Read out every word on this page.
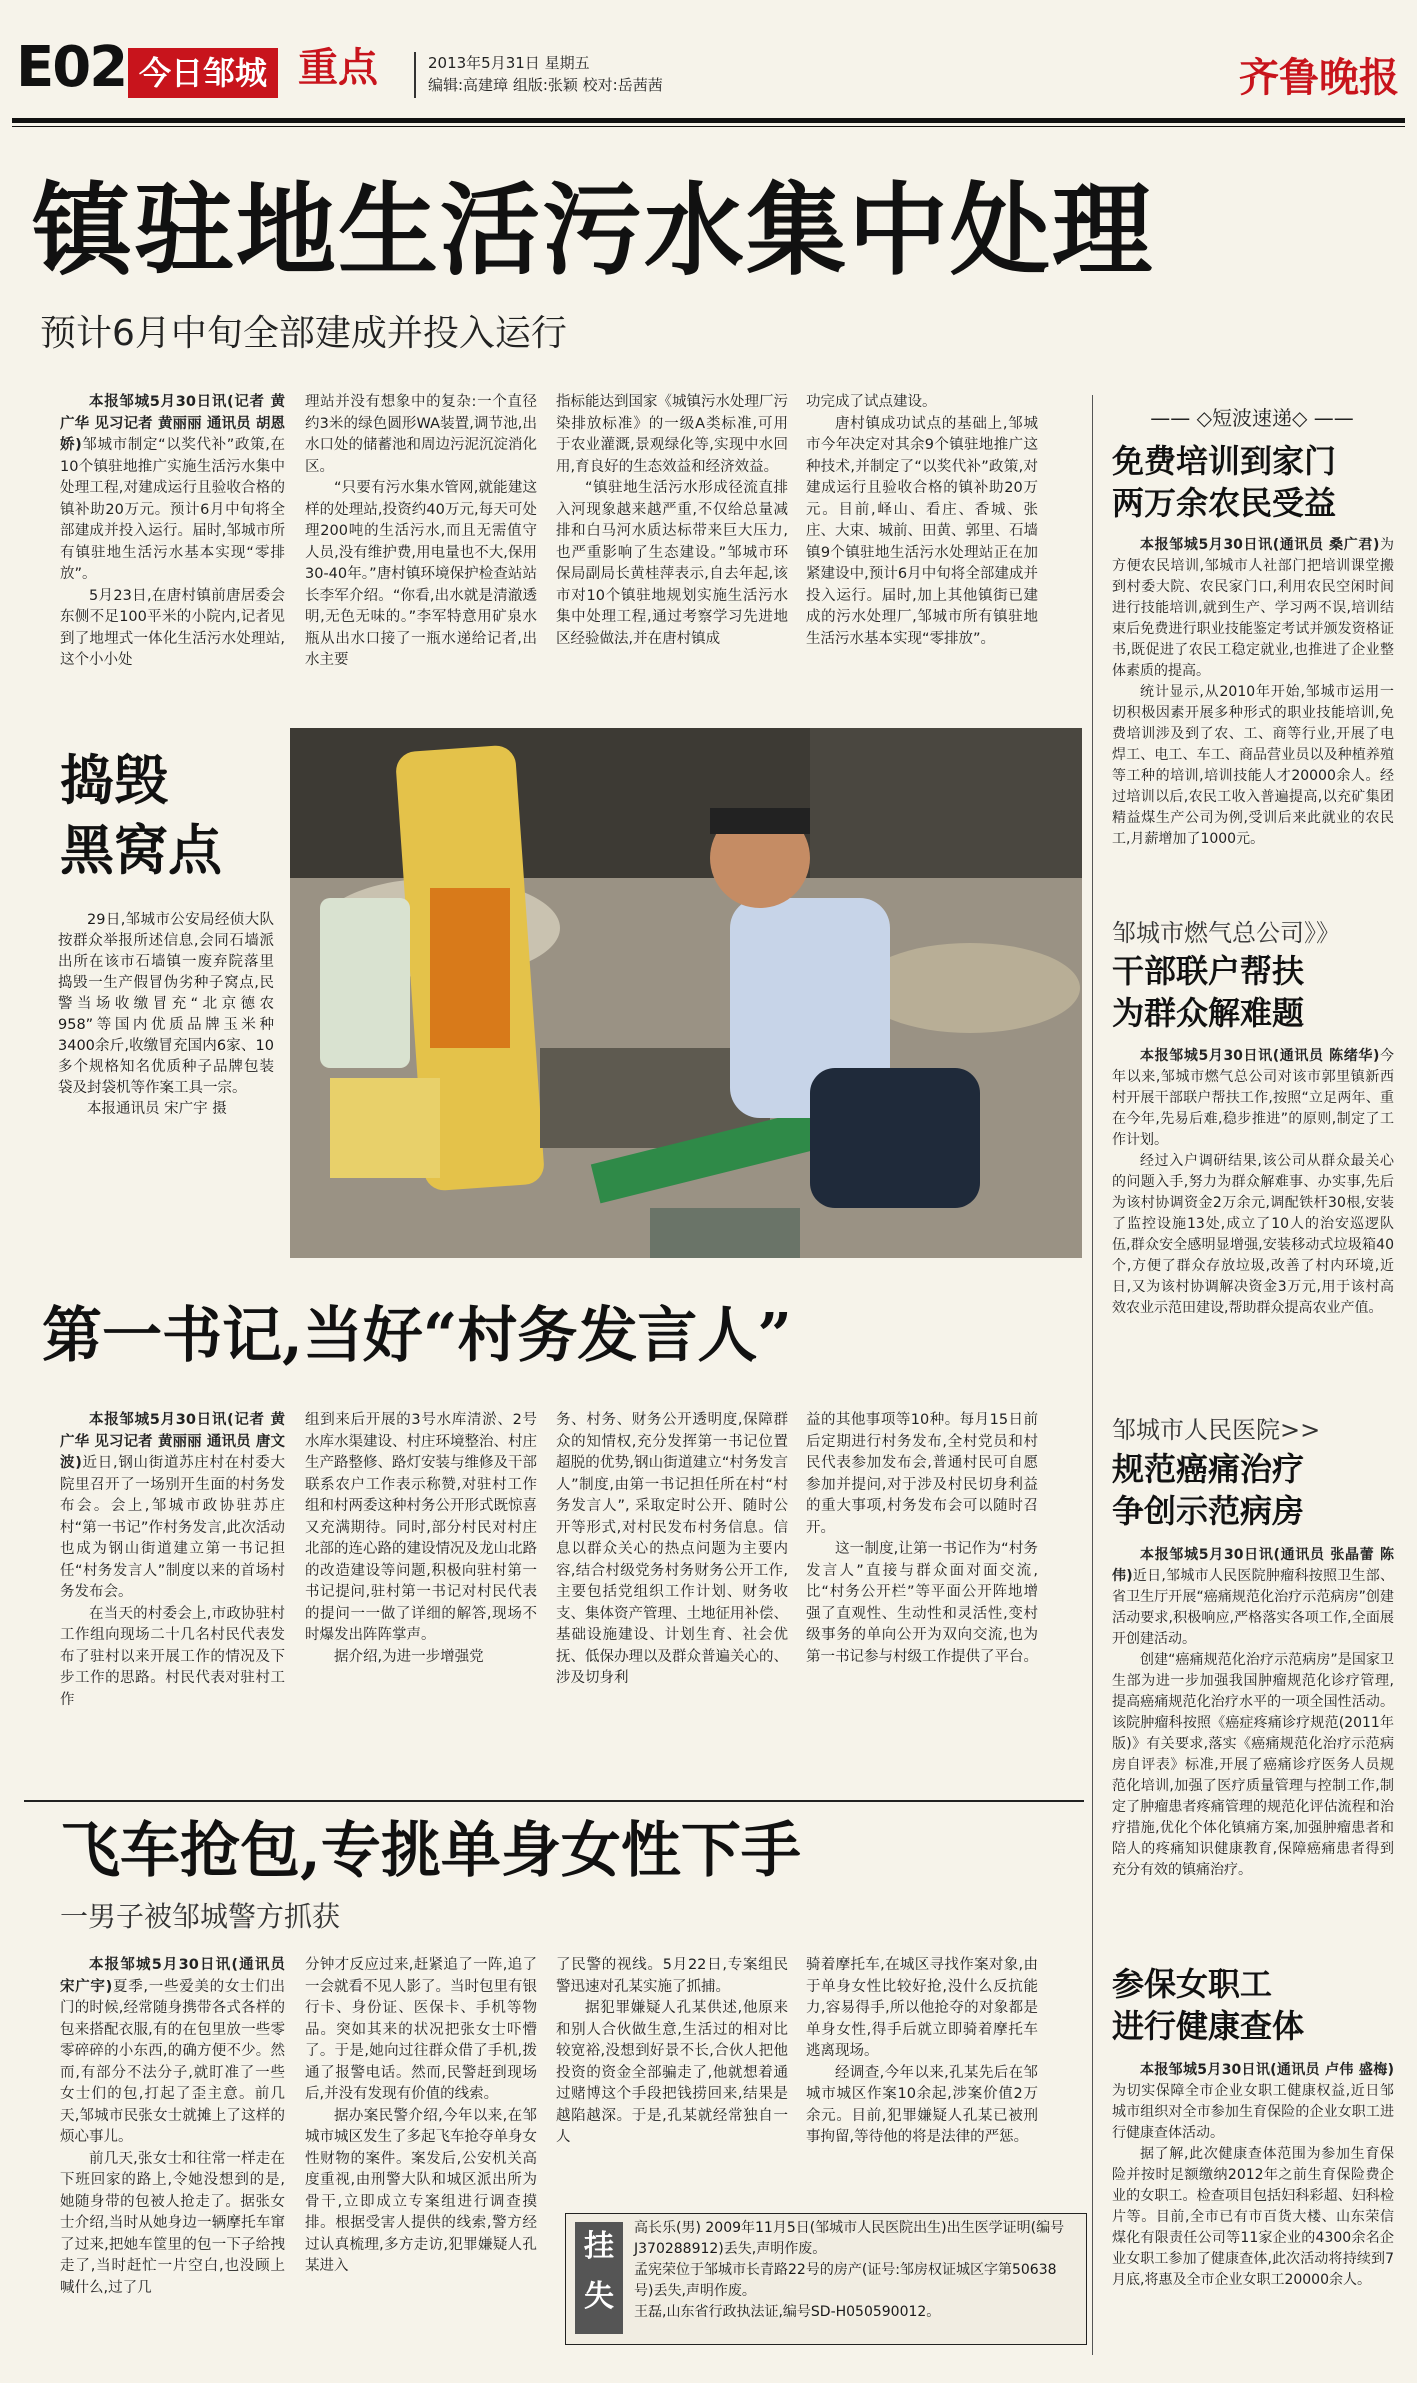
E02 今日邹城 重点	2013年5月31日 星期五
编辑:高建璋 组版:张颖 校对:岳茜茜	齐鲁晚报
镇驻地生活污水集中处理
预计6月中旬全部建成并投入运行

本报邹城5月30日讯(记者 黄广华 见习记者 黄丽丽 通讯员 胡恩娇)邹城市制定“以奖代补”政策,在10个镇驻地推广实施生活污水集中处理工程,对建成运行且验收合格的镇补助20万元。预计6月中旬将全部建成并投入运行。届时,邹城市所有镇驻地生活污水基本实现“零排放”。

5月23日,在唐村镇前唐居委会东侧不足100平米的小院内,记者见到了地埋式一体化生活污水处理站,这个小小处

理站并没有想象中的复杂:一个直径约3米的绿色圆形WA装置,调节池,出水口处的储蓄池和周边污泥沉淀消化区。

“只要有污水集水管网,就能建这样的处理站,投资约40万元,每天可处理200吨的生活污水,而且无需值守人员,没有维护费,用电量也不大,保用30-40年。”唐村镇环境保护检查站站长李军介绍。“你看,出水就是清澈透明,无色无味的。”李军特意用矿泉水瓶从出水口接了一瓶水递给记者,出水主要

指标能达到国家《城镇污水处理厂污染排放标准》的一级A类标准,可用于农业灌溉,景观绿化等,实现中水回用,育良好的生态效益和经济效益。

“镇驻地生活污水形成径流直排入河现象越来越严重,不仅给总量减排和白马河水质达标带来巨大压力,也严重影响了生态建设。”邹城市环保局副局长黄桂萍表示,自去年起,该市对10个镇驻地规划实施生活污水集中处理工程,通过考察学习先进地区经验做法,并在唐村镇成

功完成了试点建设。

唐村镇成功试点的基础上,邹城市今年决定对其余9个镇驻地推广这种技术,并制定了“以奖代补”政策,对建成运行且验收合格的镇补助20万元。目前,峄山、看庄、香城、张庄、大束、城前、田黄、郭里、石墙镇9个镇驻地生活污水处理站正在加紧建设中,预计6月中旬将全部建成并投入运行。届时,加上其他镇街已建成的污水处理厂,邹城市所有镇驻地生活污水基本实现“零排放”。

捣毁
黑窝点

29日,邹城市公安局经侦大队按群众举报所述信息,会同石墙派出所在该市石墙镇一废弃院落里捣毁一生产假冒伪劣种子窝点,民警当场收缴冒充“北京德农958”等国内优质品牌玉米种3400余斤,收缴冒充国内6家、10多个规格知名优质种子品牌包装袋及封袋机等作案工具一宗。

本报通讯员 宋广宇 摄

第一书记,当好“村务发言人”

本报邹城5月30日讯(记者 黄广华 见习记者 黄丽丽 通讯员 唐文波)近日,钢山街道苏庄村在村委大院里召开了一场别开生面的村务发布会。会上,邹城市政协驻苏庄村“第一书记”作村务发言,此次活动也成为钢山街道建立第一书记担任“村务发言人”制度以来的首场村务发布会。

在当天的村委会上,市政协驻村工作组向现场二十几名村民代表发布了驻村以来开展工作的情况及下步工作的思路。村民代表对驻村工作

组到来后开展的3号水库清淤、2号水库水渠建设、村庄环境整治、村庄生产路整修、路灯安装与维修及干部联系农户工作表示称赞,对驻村工作组和村两委这种村务公开形式既惊喜又充满期待。同时,部分村民对村庄北部的连心路的建设情况及龙山北路的改造建设等问题,积极向驻村第一书记提问,驻村第一书记对村民代表的提问一一做了详细的解答,现场不时爆发出阵阵掌声。

据介绍,为进一步增强党

务、村务、财务公开透明度,保障群众的知情权,充分发挥第一书记位置超脱的优势,钢山街道建立“村务发言人”制度,由第一书记担任所在村“村务发言人”, 采取定时公开、随时公开等形式,对村民发布村务信息。信息以群众关心的热点问题为主要内容,结合村级党务村务财务公开工作,主要包括党组织工作计划、财务收支、集体资产管理、土地征用补偿、基础设施建设、计划生育、社会优抚、低保办理以及群众普遍关心的、涉及切身利

益的其他事项等10种。每月15日前后定期进行村务发布,全村党员和村民代表参加发布会,普通村民可自愿参加并提问,对于涉及村民切身利益的重大事项,村务发布会可以随时召开。

这一制度,让第一书记作为“村务发言人”直接与群众面对面交流,比“村务公开栏”等平面公开阵地增强了直观性、生动性和灵活性,变村级事务的单向公开为双向交流,也为第一书记参与村级工作提供了平台。

飞车抢包,专挑单身女性下手
一男子被邹城警方抓获

本报邹城5月30日讯(通讯员 宋广宇)夏季,一些爱美的女士们出门的时候,经常随身携带各式各样的包来搭配衣服,有的在包里放一些零零碎碎的小东西,的确方便不少。然而,有部分不法分子,就盯准了一些女士们的包,打起了歪主意。前几天,邹城市民张女士就摊上了这样的烦心事儿。

前几天,张女士和往常一样走在下班回家的路上,令她没想到的是,她随身带的包被人抢走了。据张女士介绍,当时从她身边一辆摩托车窜了过来,把她车筐里的包一下子给拽走了,当时赶忙一片空白,也没顾上喊什么,过了几

分钟才反应过来,赶紧追了一阵,追了一会就看不见人影了。当时包里有银行卡、身份证、医保卡、手机等物品。突如其来的状况把张女士吓懵了。于是,她向过往群众借了手机,拨通了报警电话。然而,民警赶到现场后,并没有发现有价值的线索。

据办案民警介绍,今年以来,在邹城市城区发生了多起飞车抢夺单身女性财物的案件。案发后,公安机关高度重视,由刑警大队和城区派出所为骨干,立即成立专案组进行调查摸排。根据受害人提供的线索,警方经过认真梳理,多方走访,犯罪嫌疑人孔某进入

了民警的视线。5月22日,专案组民警迅速对孔某实施了抓捕。

据犯罪嫌疑人孔某供述,他原来和别人合伙做生意,生活过的相对比较宽裕,没想到好景不长,合伙人把他投资的资金全部骗走了,他就想着通过赌博这个手段把钱捞回来,结果是越陷越深。于是,孔某就经常独自一人

骑着摩托车,在城区寻找作案对象,由于单身女性比较好抢,没什么反抗能力,容易得手,所以他抢夺的对象都是单身女性,得手后就立即骑着摩托车逃离现场。

经调查,今年以来,孔某先后在邹城市城区作案10余起,涉案价值2万余元。目前,犯罪嫌疑人孔某已被刑事拘留,等待他的将是法律的严惩。

挂失

高长乐(男) 2009年11月5日(邹城市人民医院出生)出生医学证明(编号J370288912)丢失,声明作废。

孟宪荣位于邹城市长青路22号的房产(证号:邹房权证城区字第50638号)丢失,声明作废。

王磊,山东省行政执法证,编号SD-H050590012。

—— ◇短波速递◇ ——
免费培训到家门
两万余农民受益

本报邹城5月30日讯(通讯员 桑广君)为方便农民培训,邹城市人社部门把培训课堂搬到村委大院、农民家门口,利用农民空闲时间进行技能培训,就到生产、学习两不误,培训结束后免费进行职业技能鉴定考试并颁发资格证书,既促进了农民工稳定就业,也推进了企业整体素质的提高。

统计显示,从2010年开始,邹城市运用一切积极因素开展多种形式的职业技能培训,免费培训涉及到了农、工、商等行业,开展了电焊工、电工、车工、商品营业员以及种植养殖等工种的培训,培训技能人才20000余人。经过培训以后,农民工收入普遍提高,以充矿集团精益煤生产公司为例,受训后来此就业的农民工,月薪增加了1000元。

邹城市燃气总公司》》
干部联户帮扶
为群众解难题

本报邹城5月30日讯(通讯员 陈绪华)今年以来,邹城市燃气总公司对该市郭里镇新西村开展干部联户帮扶工作,按照“立足两年、重在今年,先易后难,稳步推进”的原则,制定了工作计划。

经过入户调研结果,该公司从群众最关心的问题入手,努力为群众解难事、办实事,先后为该村协调资金2万余元,调配铁杆30根,安装了监控设施13处,成立了10人的治安巡逻队伍,群众安全感明显增强,安装移动式垃圾箱40个,方便了群众存放垃圾,改善了村内环境,近日,又为该村协调解决资金3万元,用于该村高效农业示范田建设,帮助群众提高农业产值。

邹城市人民医院>>
规范癌痛治疗
争创示范病房

本报邹城5月30日讯(通讯员 张晶蕾 陈伟)近日,邹城市人民医院肿瘤科按照卫生部、省卫生厅开展“癌痛规范化治疗示范病房”创建活动要求,积极响应,严格落实各项工作,全面展开创建活动。

创建“癌痛规范化治疗示范病房”是国家卫生部为进一步加强我国肿瘤规范化诊疗管理,提高癌痛规范化治疗水平的一项全国性活动。该院肿瘤科按照《癌症疼痛诊疗规范(2011年版)》有关要求,落实《癌痛规范化治疗示范病房自评表》标准,开展了癌痛诊疗医务人员规范化培训,加强了医疗质量管理与控制工作,制定了肿瘤患者疼痛管理的规范化评估流程和治疗措施,优化个体化镇痛方案,加强肿瘤患者和陪人的疼痛知识健康教育,保障癌痛患者得到充分有效的镇痛治疗。

参保女职工
进行健康查体

本报邹城5月30日讯(通讯员 卢伟 盛梅)为切实保障全市企业女职工健康权益,近日邹城市组织对全市参加生育保险的企业女职工进行健康查体活动。

据了解,此次健康查体范围为参加生育保险并按时足额缴纳2012年之前生育保险费企业的女职工。检查项目包括妇科彩超、妇科检片等。目前,全市已有市百货大楼、山东荣信煤化有限责任公司等11家企业的4300余名企业女职工参加了健康查体,此次活动将持续到7月底,将惠及全市企业女职工20000余人。
